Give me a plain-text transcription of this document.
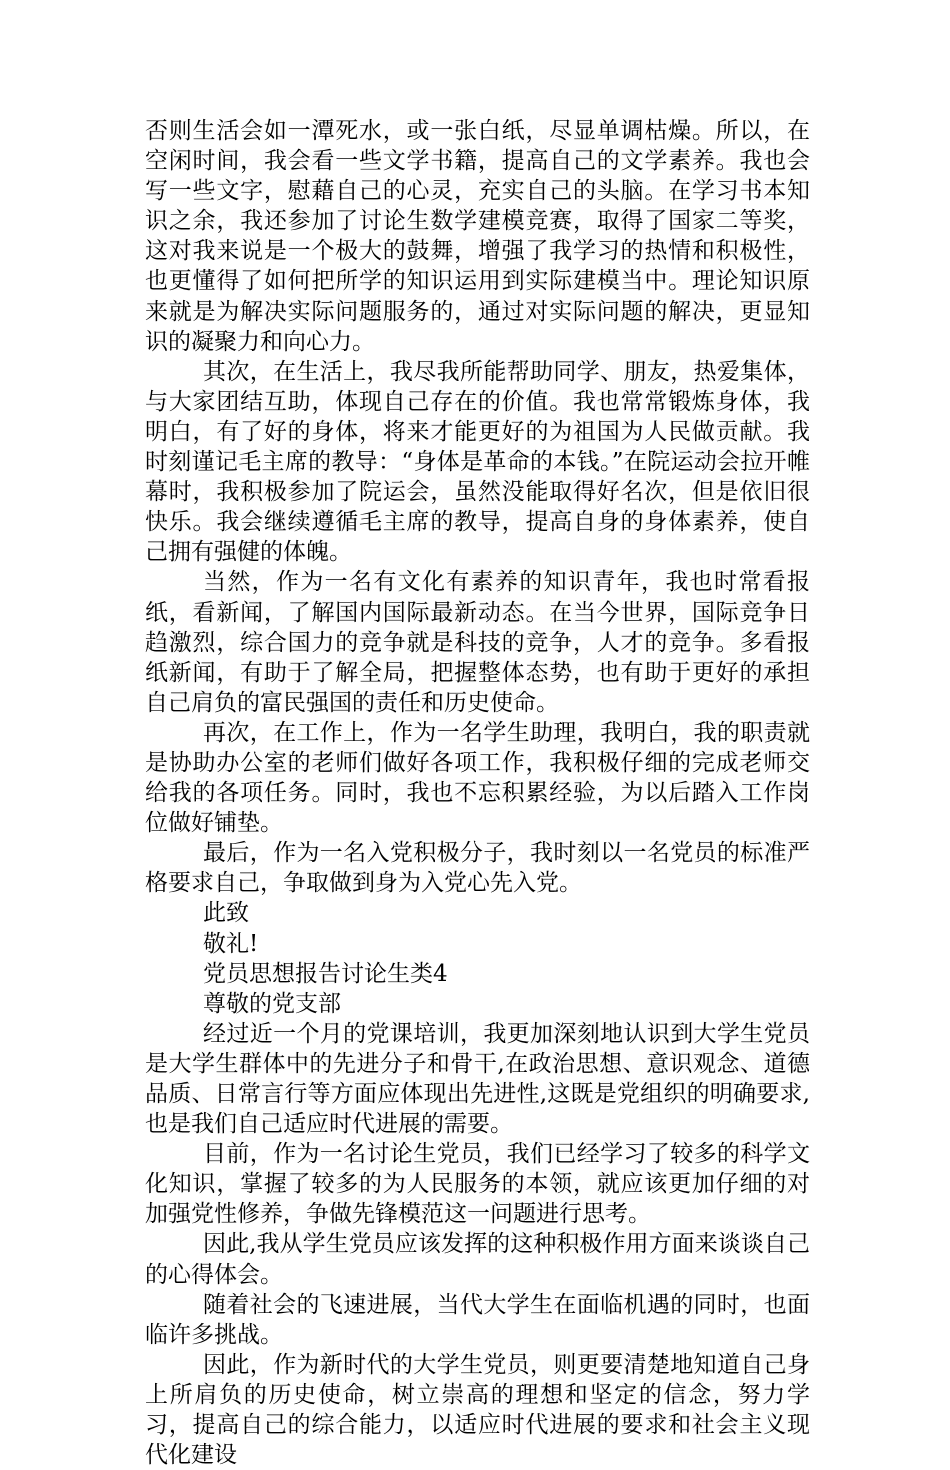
否则生活会如一潭死水，或一张白纸，尽显单调枯燥。所以，在空闲时间，我会看一些文学书籍，提高自己的文学素养。我也会写一些文字，慰藉自己的心灵，充实自己的头脑。在学习书本知识之余，我还参加了讨论生数学建模竞赛，取得了国家二等奖，这对我来说是一个极大的鼓舞，增强了我学习的热情和积极性，也更懂得了如何把所学的知识运用到实际建模当中。理论知识原来就是为解决实际问题服务的，通过对实际问题的解决，更显知识的凝聚力和向心力。

其次，在生活上，我尽我所能帮助同学、朋友，热爱集体，与大家团结互助，体现自己存在的价值。我也常常锻炼身体，我明白，有了好的身体，将来才能更好的为祖国为人民做贡献。我时刻谨记毛主席的教导：“身体是革命的本钱。”在院运动会拉开帷幕时，我积极参加了院运会，虽然没能取得好名次，但是依旧很快乐。我会继续遵循毛主席的教导，提高自身的身体素养，使自己拥有强健的体魄。

当然，作为一名有文化有素养的知识青年，我也时常看报纸，看新闻，了解国内国际最新动态。在当今世界，国际竞争日趋激烈，综合国力的竞争就是科技的竞争，人才的竞争。多看报纸新闻，有助于了解全局，把握整体态势，也有助于更好的承担自己肩负的富民强国的责任和历史使命。

再次，在工作上，作为一名学生助理，我明白，我的职责就是协助办公室的老师们做好各项工作，我积极仔细的完成老师交给我的各项任务。同时，我也不忘积累经验，为以后踏入工作岗位做好铺垫。

最后，作为一名入党积极分子，我时刻以一名党员的标准严格要求自己，争取做到身为入党心先入党。

此致

敬礼!

党员思想报告讨论生类4

尊敬的党支部

经过近一个月的党课培训，我更加深刻地认识到大学生党员是大学生群体中的先进分子和骨干,在政治思想、意识观念、道德品质、日常言行等方面应体现出先进性,这既是党组织的明确要求,也是我们自己适应时代进展的需要。

目前，作为一名讨论生党员，我们已经学习了较多的科学文化知识，掌握了较多的为人民服务的本领，就应该更加仔细的对加强党性修养，争做先锋模范这一问题进行思考。

因此,我从学生党员应该发挥的这种积极作用方面来谈谈自己的心得体会。

随着社会的飞速进展，当代大学生在面临机遇的同时，也面临许多挑战。

因此，作为新时代的大学生党员，则更要清楚地知道自己身上所肩负的历史使命，树立崇高的理想和坚定的信念，努力学习，提高自己的综合能力，以适应时代进展的要求和社会主义现代化建设
